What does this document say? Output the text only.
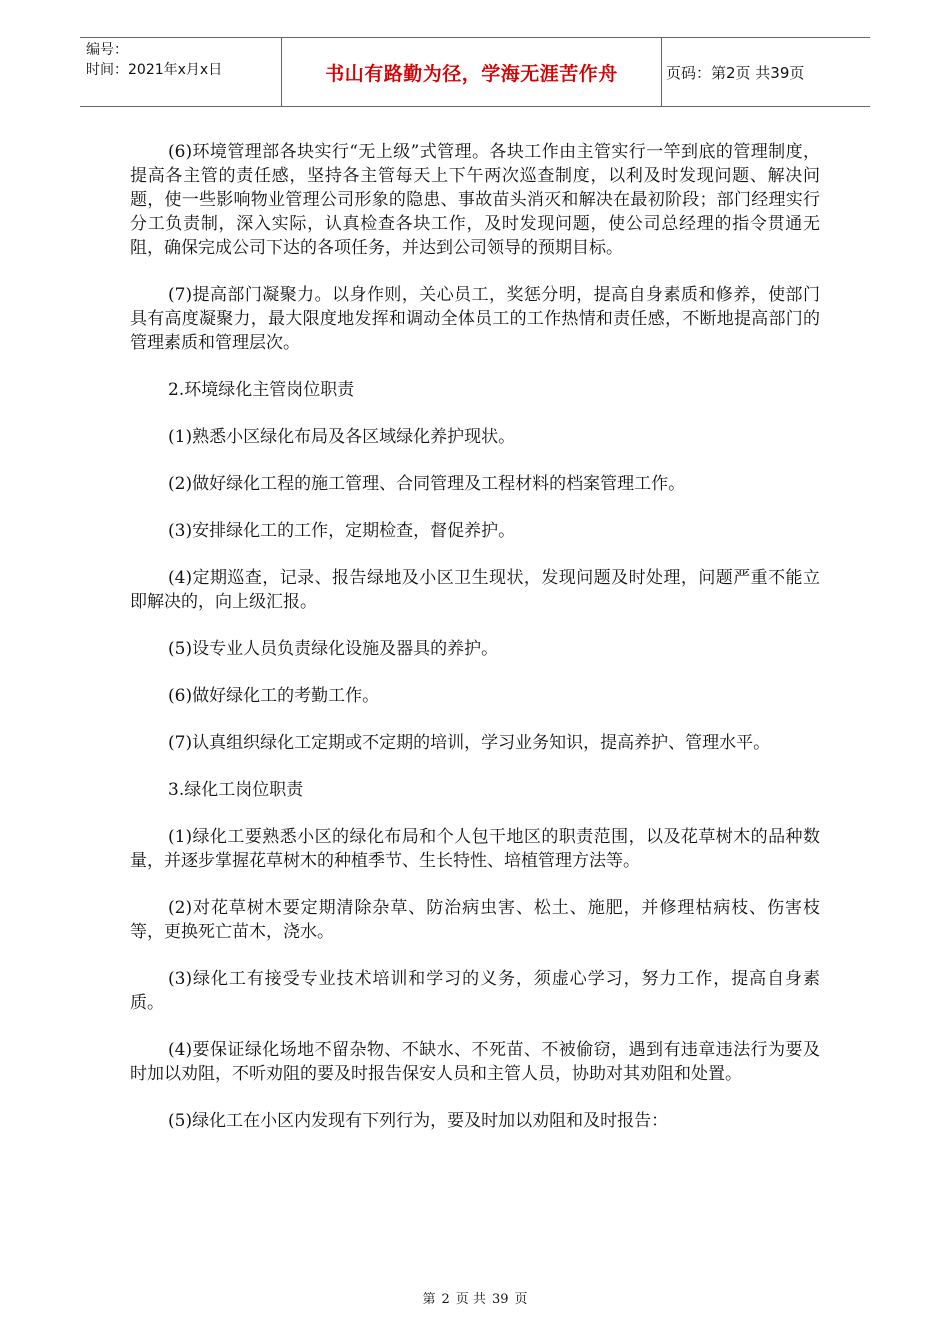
编号：
时间：2021年x月x日	书山有路勤为径，学海无涯苦作舟	页码：第2页 共39页

(6)环境管理部各块实行“无上级”式管理。各块工作由主管实行一竿到底的管理制度，提高各主管的责任感，坚持各主管每天上下午两次巡查制度，以利及时发现问题、解决问题，使一些影响物业管理公司形象的隐患、事故苗头消灭和解决在最初阶段；部门经理实行分工负责制，深入实际，认真检查各块工作，及时发现问题，使公司总经理的指令贯通无阻，确保完成公司下达的各项任务，并达到公司领导的预期目标。

(7)提高部门凝聚力。以身作则，关心员工，奖惩分明，提高自身素质和修养，使部门具有高度凝聚力，最大限度地发挥和调动全体员工的工作热情和责任感，不断地提高部门的管理素质和管理层次。

2.环境绿化主管岗位职责

(1)熟悉小区绿化布局及各区域绿化养护现状。

(2)做好绿化工程的施工管理、合同管理及工程材料的档案管理工作。

(3)安排绿化工的工作，定期检查，督促养护。

(4)定期巡查，记录、报告绿地及小区卫生现状，发现问题及时处理，问题严重不能立即解决的，向上级汇报。

(5)设专业人员负责绿化设施及器具的养护。

(6)做好绿化工的考勤工作。

(7)认真组织绿化工定期或不定期的培训，学习业务知识，提高养护、管理水平。

3.绿化工岗位职责

(1)绿化工要熟悉小区的绿化布局和个人包干地区的职责范围，以及花草树木的品种数量，并逐步掌握花草树木的种植季节、生长特性、培植管理方法等。

(2)对花草树木要定期清除杂草、防治病虫害、松土、施肥，并修理枯病枝、伤害枝等，更换死亡苗木，浇水。

(3)绿化工有接受专业技术培训和学习的义务，须虚心学习，努力工作，提高自身素质。

(4)要保证绿化场地不留杂物、不缺水、不死苗、不被偷窃，遇到有违章违法行为要及时加以劝阻，不听劝阻的要及时报告保安人员和主管人员，协助对其劝阻和处置。

(5)绿化工在小区内发现有下列行为，要及时加以劝阻和及时报告：

第 2 页 共 39 页
